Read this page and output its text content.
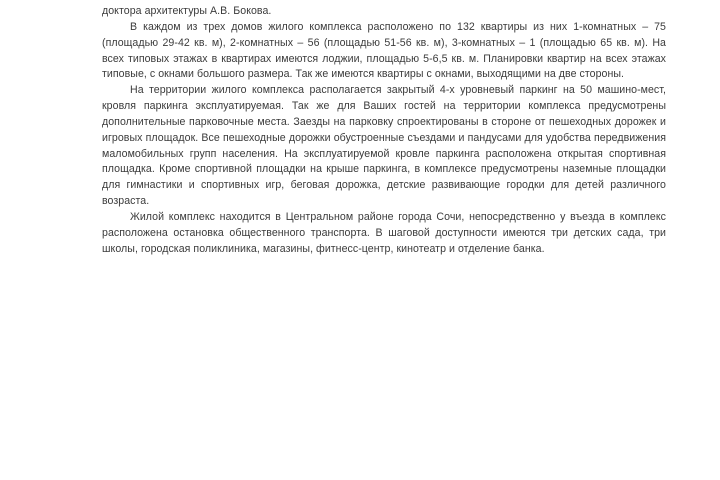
доктора архитектуры А.В. Бокова.

В каждом из трех домов жилого комплекса расположено по 132 квартиры из них 1-комнатных – 75 (площадью 29-42 кв. м), 2-комнатных – 56 (площадью 51-56 кв. м), 3-комнатных – 1 (площадью 65 кв. м). На всех типовых этажах в квартирах имеются лоджии, площадью 5-6,5 кв. м. Планировки квартир на всех этажах типовые, с окнами большого размера. Так же имеются квартиры с окнами, выходящими на две стороны.

На территории жилого комплекса располагается закрытый 4-х уровневый паркинг на 50 машино-мест, кровля паркинга эксплуатируемая. Так же для Ваших гостей на территории комплекса предусмотрены дополнительные парковочные места. Заезды на парковку спроектированы в стороне от пешеходных дорожек и игровых площадок. Все пешеходные дорожки обустроенные съездами и пандусами для удобства передвижения маломобильных групп населения. На эксплуатируемой кровле паркинга расположена открытая спортивная площадка. Кроме спортивной площадки на крыше паркинга, в комплексе предусмотрены наземные площадки для гимнастики и спортивных игр, беговая дорожка, детские развивающие городки для детей различного возраста.

Жилой комплекс находится в Центральном районе города Сочи, непосредственно у въезда в комплекс расположена остановка общественного транспорта. В шаговой доступности имеются три детских сада, три школы, городская поликлиника, магазины, фитнесс-центр, кинотеатр и отделение банка.
